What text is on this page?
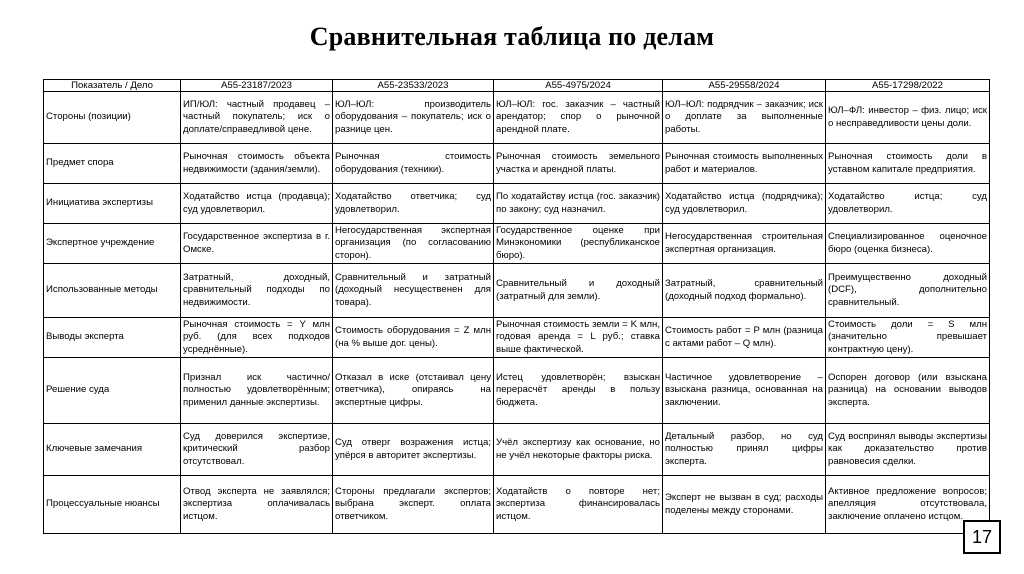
Сравнительная таблица по делам
Показатель / Дело	А55-23187/2023	А55-23533/2023	А55-4975/2024	А55-29558/2024	А55-17298/2022
Стороны (позиции)	ИП/ЮЛ: частный продавец – частный покупатель; иск о доплате/справедливой цене.	ЮЛ–ЮЛ: производитель оборудования – покупатель; иск о разнице цен.	ЮЛ–ЮЛ: гос. заказчик – частный арендатор; спор о рыночной арендной плате.	ЮЛ–ЮЛ: подрядчик – заказчик; иск о доплате за выполненные работы.	ЮЛ–ФЛ: инвестор – физ. лицо; иск о несправедливости цены доли.
Предмет спора	Рыночная стоимость объекта недвижимости (здания/земли).	Рыночная стоимость оборудования (техники).	Рыночная стоимость земельного участка и арендной платы.	Рыночная стоимость выполненных работ и материалов.	Рыночная стоимость доли в уставном капитале предприятия.
Инициатива экспертизы	Ходатайство истца (продавца); суд удовлетворил.	Ходатайство ответчика; суд удовлетворил.	По ходатайству истца (гос. заказчик) по закону; суд назначил.	Ходатайство истца (подрядчика); суд удовлетворил.	Ходатайство истца; суд удовлетворил.
Экспертное учреждение	Государственное экспертиза в г. Омске.	Негосударственная экспертная организация (по согласованию сторон).	Государственное оценке при Минэкономики (республиканское бюро).	Негосударственная строительная экспертная организация.	Специализированное оценочное бюро (оценка бизнеса).
Использованные методы	Затратный, доходный, сравнительный подходы по недвижимости.	Сравнительный и затратный (доходный несущественен для товара).	Сравнительный и доходный (затратный для земли).	Затратный, сравнительный (доходный подход формально).	Преимущественно доходный (DCF), дополнительно сравнительный.
Выводы эксперта	Рыночная стоимость = Y млн руб. (для всех подходов усреднённые).	Стоимость оборудования = Z млн (на % выше дог. цены).	Рыночная стоимость земли = K млн, годовая аренда = L руб.; ставка выше фактической.	Стоимость работ = P млн (разница с актами работ – Q млн).	Стоимость доли = S млн (значительно превышает контрактную цену).
Решение суда	Признал иск частично/полностью удовлетворённым; применил данные экспертизы.	Отказал в иске (отстаивал цену ответчика), опираясь на экспертные цифры.	Истец удовлетворён; взыскан перерасчёт аренды в пользу бюджета.	Частичное удовлетворение – взыскана разница, основанная на заключении.	Оспорен договор (или взыскана разница) на основании выводов эксперта.
Ключевые замечания	Суд доверился экспертизе, критический разбор отсутствовал.	Суд отверг возражения истца; упёрся в авторитет экспертизы.	Учёл экспертизу как основание, но не учёл некоторые факторы риска.	Детальный разбор, но суд полностью принял цифры эксперта.	Суд воспринял выводы экспертизы как доказательство против равновесия сделки.
Процессуальные нюансы	Отвод эксперта не заявлялся; экспертиза оплачивалась истцом.	Стороны предлагали экспертов; выбрана эксперт. оплата ответчиком.	Ходатайств о повторе нет; экспертиза финансировалась истцом.	Эксперт не вызван в суд; расходы поделены между сторонами.	Активное предложение вопросов; апелляция отсутствовала, заключение оплачено истцом.
17
